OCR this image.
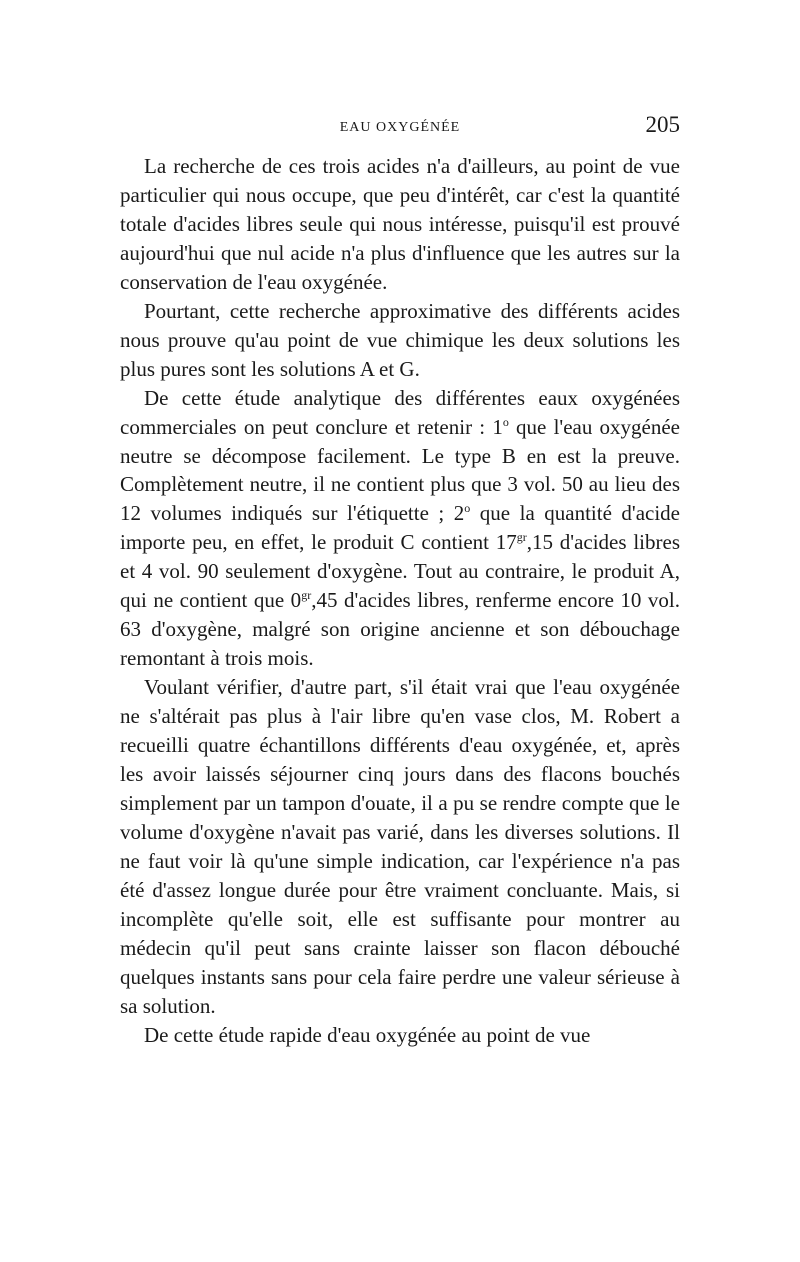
EAU OXYGÉNÉE	205

La recherche de ces trois acides n'a d'ailleurs, au point de vue particulier qui nous occupe, que peu d'intérêt, car c'est la quantité totale d'acides libres seule qui nous intéresse, puisqu'il est prouvé aujourd'hui que nul acide n'a plus d'influence que les autres sur la conservation de l'eau oxygénée.

Pourtant, cette recherche approximative des différents acides nous prouve qu'au point de vue chimique les deux solutions les plus pures sont les solutions A et G.

De cette étude analytique des différentes eaux oxygénées commerciales on peut conclure et retenir : 1$^o$ que l'eau oxygénée neutre se décompose facilement. Le type B en est la preuve. Complètement neutre, il ne contient plus que 3 vol. 50 au lieu des 12 volumes indiqués sur l'étiquette ; 2$^o$ que la quantité d'acide importe peu, en effet, le produit C contient $17^{gr},15$ d'acides libres et 4 vol. 90 seulement d'oxygène. Tout au contraire, le produit A, qui ne contient que $0^{gr},45$ d'acides libres, renferme encore 10 vol. 63 d'oxygène, malgré son origine ancienne et son débouchage remontant à trois mois.

Voulant vérifier, d'autre part, s'il était vrai que l'eau oxygénée ne s'altérait pas plus à l'air libre qu'en vase clos, M. Robert a recueilli quatre échantillons différents d'eau oxygénée, et, après les avoir laissés séjourner cinq jours dans des flacons bouchés simplement par un tampon d'ouate, il a pu se rendre compte que le volume d'oxygène n'avait pas varié, dans les diverses solutions. Il ne faut voir là qu'une simple indication, car l'expérience n'a pas été d'assez longue durée pour être vraiment concluante. Mais, si incomplète qu'elle soit, elle est suffisante pour montrer au médecin qu'il peut sans crainte laisser son flacon débouché quelques instants sans pour cela faire perdre une valeur sérieuse à sa solution.

De cette étude rapide d'eau oxygénée au point de vue
